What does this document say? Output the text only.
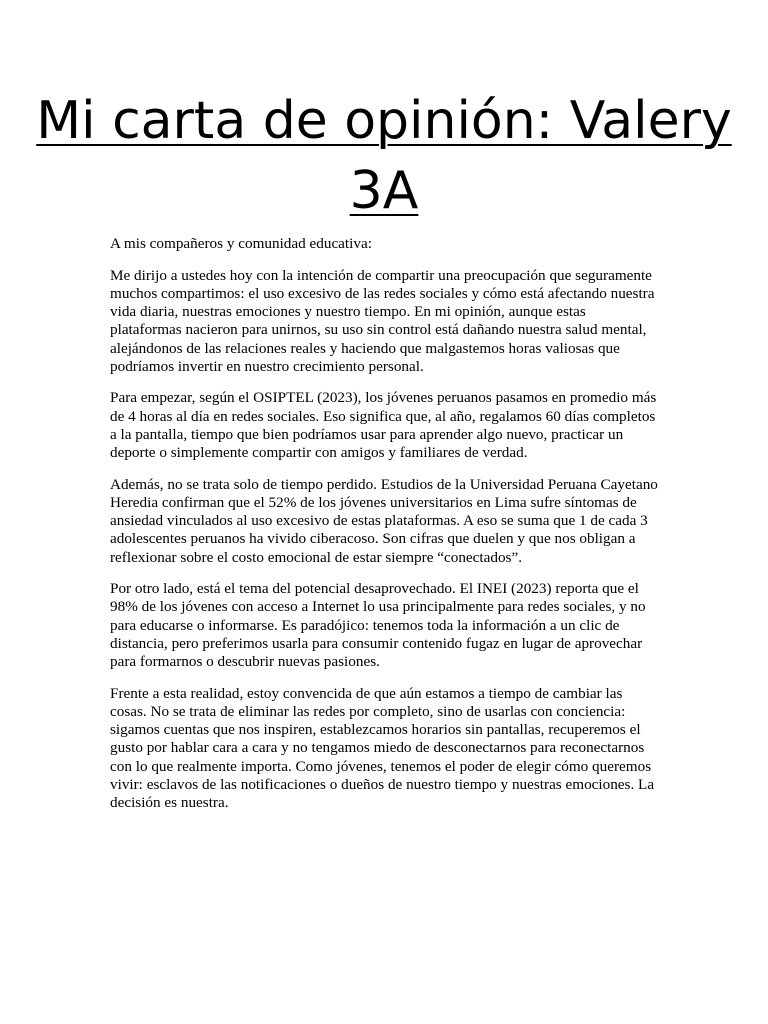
Mi carta de opinión: Valery 3A

A mis compañeros y comunidad educativa:

Me dirijo a ustedes hoy con la intención de compartir una preocupación que seguramente muchos compartimos: el uso excesivo de las redes sociales y cómo está afectando nuestra vida diaria, nuestras emociones y nuestro tiempo. En mi opinión, aunque estas plataformas nacieron para unirnos, su uso sin control está dañando nuestra salud mental, alejándonos de las relaciones reales y haciendo que malgastemos horas valiosas que podríamos invertir en nuestro crecimiento personal.

Para empezar, según el OSIPTEL (2023), los jóvenes peruanos pasamos en promedio más de 4 horas al día en redes sociales. Eso significa que, al año, regalamos 60 días completos a la pantalla, tiempo que bien podríamos usar para aprender algo nuevo, practicar un deporte o simplemente compartir con amigos y familiares de verdad.

Además, no se trata solo de tiempo perdido. Estudios de la Universidad Peruana Cayetano Heredia confirman que el 52% de los jóvenes universitarios en Lima sufre síntomas de ansiedad vinculados al uso excesivo de estas plataformas. A eso se suma que 1 de cada 3 adolescentes peruanos ha vivido ciberacoso. Son cifras que duelen y que nos obligan a reflexionar sobre el costo emocional de estar siempre “conectados”.

Por otro lado, está el tema del potencial desaprovechado. El INEI (2023) reporta que el 98% de los jóvenes con acceso a Internet lo usa principalmente para redes sociales, y no para educarse o informarse. Es paradójico: tenemos toda la información a un clic de distancia, pero preferimos usarla para consumir contenido fugaz en lugar de aprovechar para formarnos o descubrir nuevas pasiones.

Frente a esta realidad, estoy convencida de que aún estamos a tiempo de cambiar las cosas. No se trata de eliminar las redes por completo, sino de usarlas con conciencia: sigamos cuentas que nos inspiren, establezcamos horarios sin pantallas, recuperemos el gusto por hablar cara a cara y no tengamos miedo de desconectarnos para reconectarnos con lo que realmente importa. Como jóvenes, tenemos el poder de elegir cómo queremos vivir: esclavos de las notificaciones o dueños de nuestro tiempo y nuestras emociones. La decisión es nuestra.
